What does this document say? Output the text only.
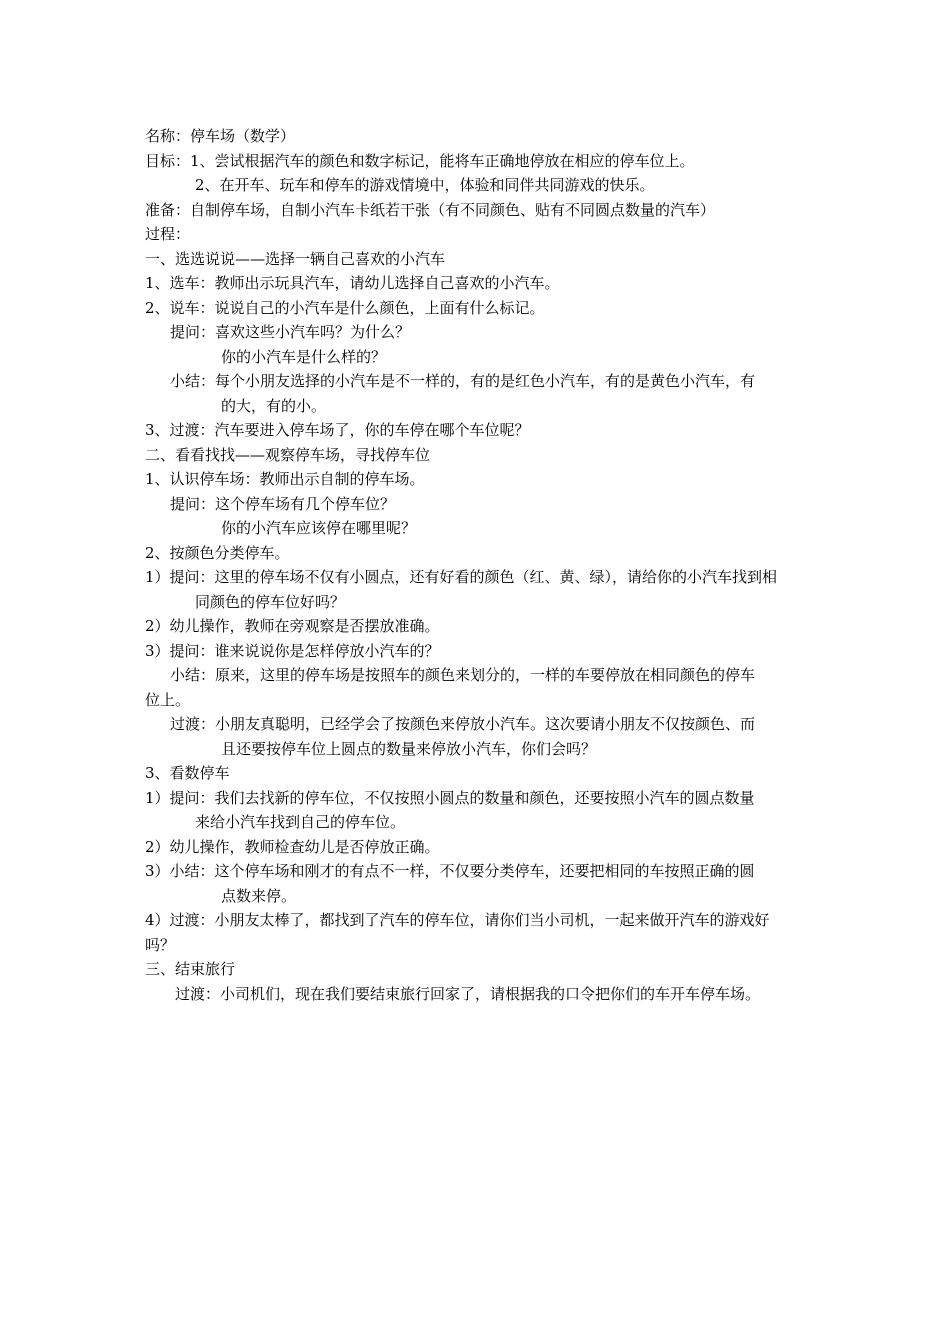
名称：停车场（数学）
目标：1、尝试根据汽车的颜色和数字标记，能将车正确地停放在相应的停车位上。
2、在开车、玩车和停车的游戏情境中，体验和同伴共同游戏的快乐。
准备：自制停车场，自制小汽车卡纸若干张（有不同颜色、贴有不同圆点数量的汽车）
过程：
一、选选说说——选择一辆自己喜欢的小汽车
1、选车：教师出示玩具汽车，请幼儿选择自己喜欢的小汽车。
2、说车：说说自己的小汽车是什么颜色，上面有什么标记。
提问：喜欢这些小汽车吗？为什么？
你的小汽车是什么样的？
小结：每个小朋友选择的小汽车是不一样的，有的是红色小汽车，有的是黄色小汽车，有
的大，有的小。
3、过渡：汽车要进入停车场了，你的车停在哪个车位呢？
二、看看找找——观察停车场，寻找停车位
1、认识停车场：教师出示自制的停车场。
提问：这个停车场有几个停车位？
你的小汽车应该停在哪里呢？
2、按颜色分类停车。
1）提问：这里的停车场不仅有小圆点，还有好看的颜色（红、黄、绿），请给你的小汽车找到相
同颜色的停车位好吗？
2）幼儿操作，教师在旁观察是否摆放准确。
3）提问：谁来说说你是怎样停放小汽车的？
小结：原来，这里的停车场是按照车的颜色来划分的，一样的车要停放在相同颜色的停车
位上。
过渡：小朋友真聪明，已经学会了按颜色来停放小汽车。这次要请小朋友不仅按颜色、而
且还要按停车位上圆点的数量来停放小汽车，你们会吗？
3、看数停车
1）提问：我们去找新的停车位，不仅按照小圆点的数量和颜色，还要按照小汽车的圆点数量
来给小汽车找到自己的停车位。
2）幼儿操作，教师检查幼儿是否停放正确。
3）小结：这个停车场和刚才的有点不一样，不仅要分类停车，还要把相同的车按照正确的圆
点数来停。
4）过渡：小朋友太棒了，都找到了汽车的停车位，请你们当小司机，一起来做开汽车的游戏好
吗？
三、结束旅行
过渡：小司机们，现在我们要结束旅行回家了，请根据我的口令把你们的车开车停车场。
